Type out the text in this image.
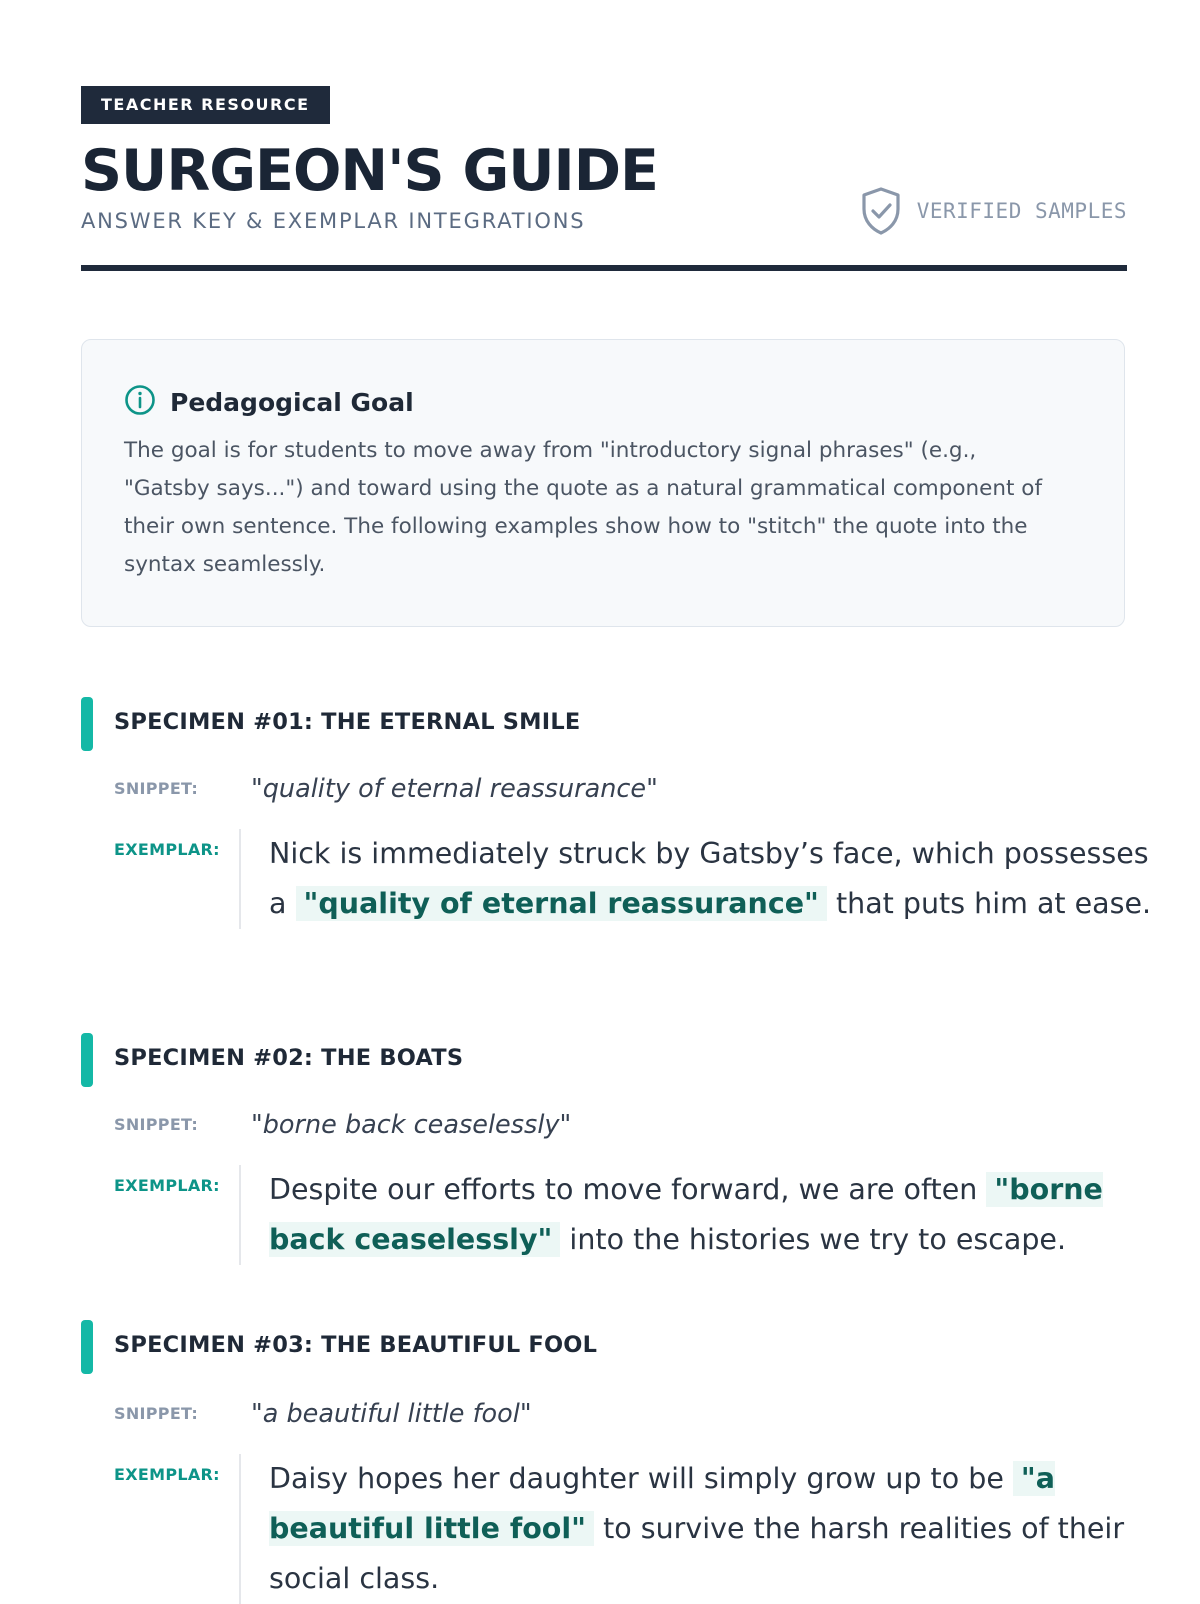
TEACHER RESOURCE
SURGEON'S GUIDE
ANSWER KEY & EXEMPLAR INTEGRATIONS	VERIFIED SAMPLES
Pedagogical Goal
The goal is for students to move away from "introductory signal phrases" (e.g., "Gatsby says...") and toward using the quote as a natural grammatical component of their own sentence. The following examples show how to "stitch" the quote into the syntax seamlessly.
SPECIMEN #01: THE ETERNAL SMILE
SNIPPET: "quality of eternal reassurance"
EXEMPLAR:	Nick is immediately struck by Gatsby’s face, which possesses a "quality of eternal reassurance" that puts him at ease.
SPECIMEN #02: THE BOATS
SNIPPET: "borne back ceaselessly"
EXEMPLAR:	Despite our efforts to move forward, we are often "borne back ceaselessly" into the histories we try to escape.
SPECIMEN #03: THE BEAUTIFUL FOOL
SNIPPET: "a beautiful little fool"
EXEMPLAR:	Daisy hopes her daughter will simply grow up to be "a beautiful little fool" to survive the harsh realities of their social class.
